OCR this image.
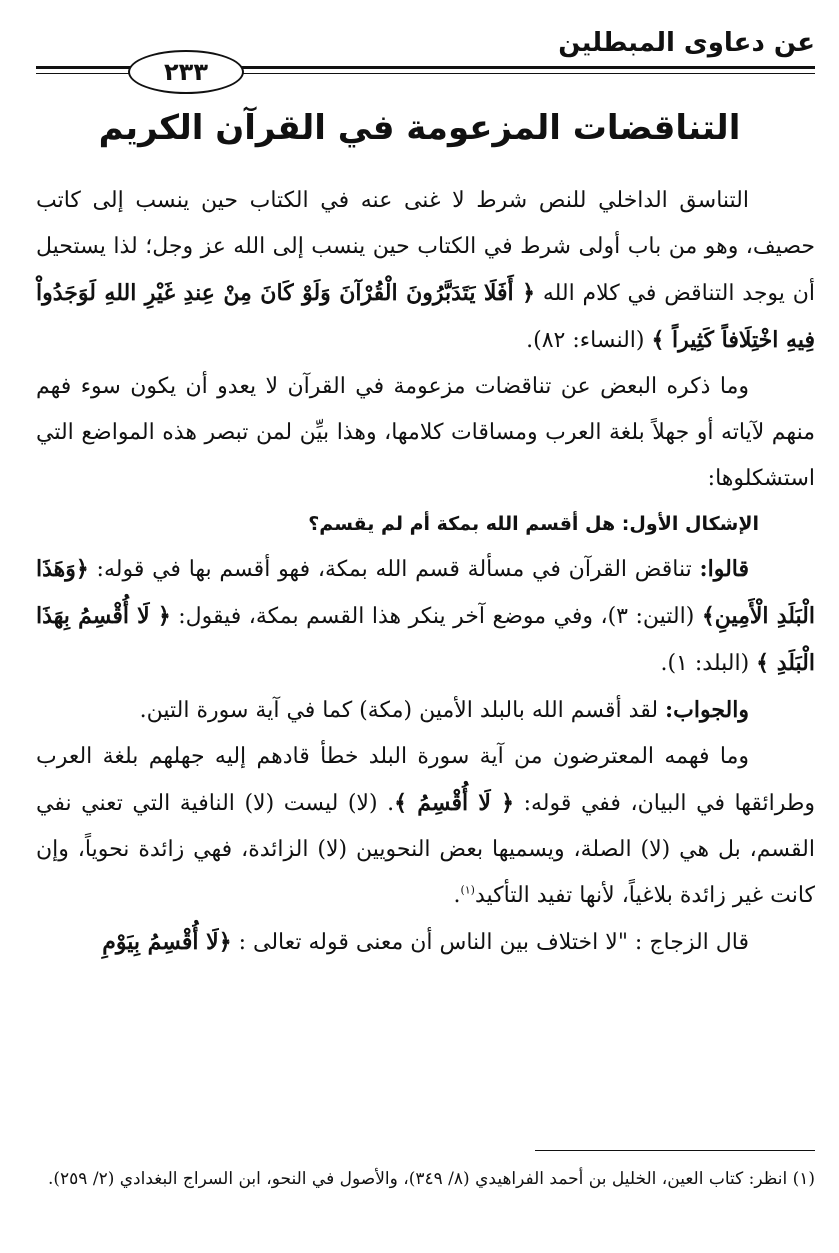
عن دعاوى المبطلين
٢٣٣
التناقضات المزعومة في القرآن الكريم

التناسق الداخلي للنص شرط لا غنى عنه في الكتاب حين ينسب إلى كاتب حصيف، وهو من باب أولى شرط في الكتاب حين ينسب إلى الله عز وجل؛ لذا يستحيل أن يوجد التناقض في كلام الله ﴿ أَفَلَا يَتَدَبَّرُونَ الْقُرْآنَ وَلَوْ كَانَ مِنْ عِندِ غَيْرِ اللهِ لَوَجَدُواْ فِيهِ اخْتِلَافاً كَثِيراً ﴾ (النساء: ٨٢).

وما ذكره البعض عن تناقضات مزعومة في القرآن لا يعدو أن يكون سوء فهم منهم لآياته أو جهلاً بلغة العرب ومساقات كلامها، وهذا بيِّن لمن تبصر هذه المواضع التي استشكلوها:

الإشكال الأول: هل أقسم الله بمكة أم لم يقسم؟

قالوا: تناقض القرآن في مسألة قسم الله بمكة، فهو أقسم بها في قوله: ﴿وَهَذَا الْبَلَدِ الْأَمِينِ﴾ (التين: ٣)، وفي موضع آخر ينكر هذا القسم بمكة، فيقول: ﴿ لَا أُقْسِمُ بِهَذَا الْبَلَدِ ﴾ (البلد: ١).

والجواب: لقد أقسم الله بالبلد الأمين (مكة) كما في آية سورة التين.

وما فهمه المعترضون من آية سورة البلد خطأ قادهم إليه جهلهم بلغة العرب وطرائقها في البيان، ففي قوله: ﴿ لَا أُقْسِمُ ﴾. (لا) ليست (لا) النافية التي تعني نفي القسم، بل هي (لا) الصلة، ويسميها بعض النحويين (لا) الزائدة، فهي زائدة نحوياً، وإن كانت غير زائدة بلاغياً، لأنها تفيد التأكيد$^{(١)}$.

قال الزجاج : "لا اختلاف بين الناس أن معنى قوله تعالى : ﴿لَا أُقْسِمُ بِيَوْمِ

(١) انظر: كتاب العين، الخليل بن أحمد الفراهيدي (٨/ ٣٤٩)، والأصول في النحو، ابن السراج البغدادي (٢/ ٢٥٩).
